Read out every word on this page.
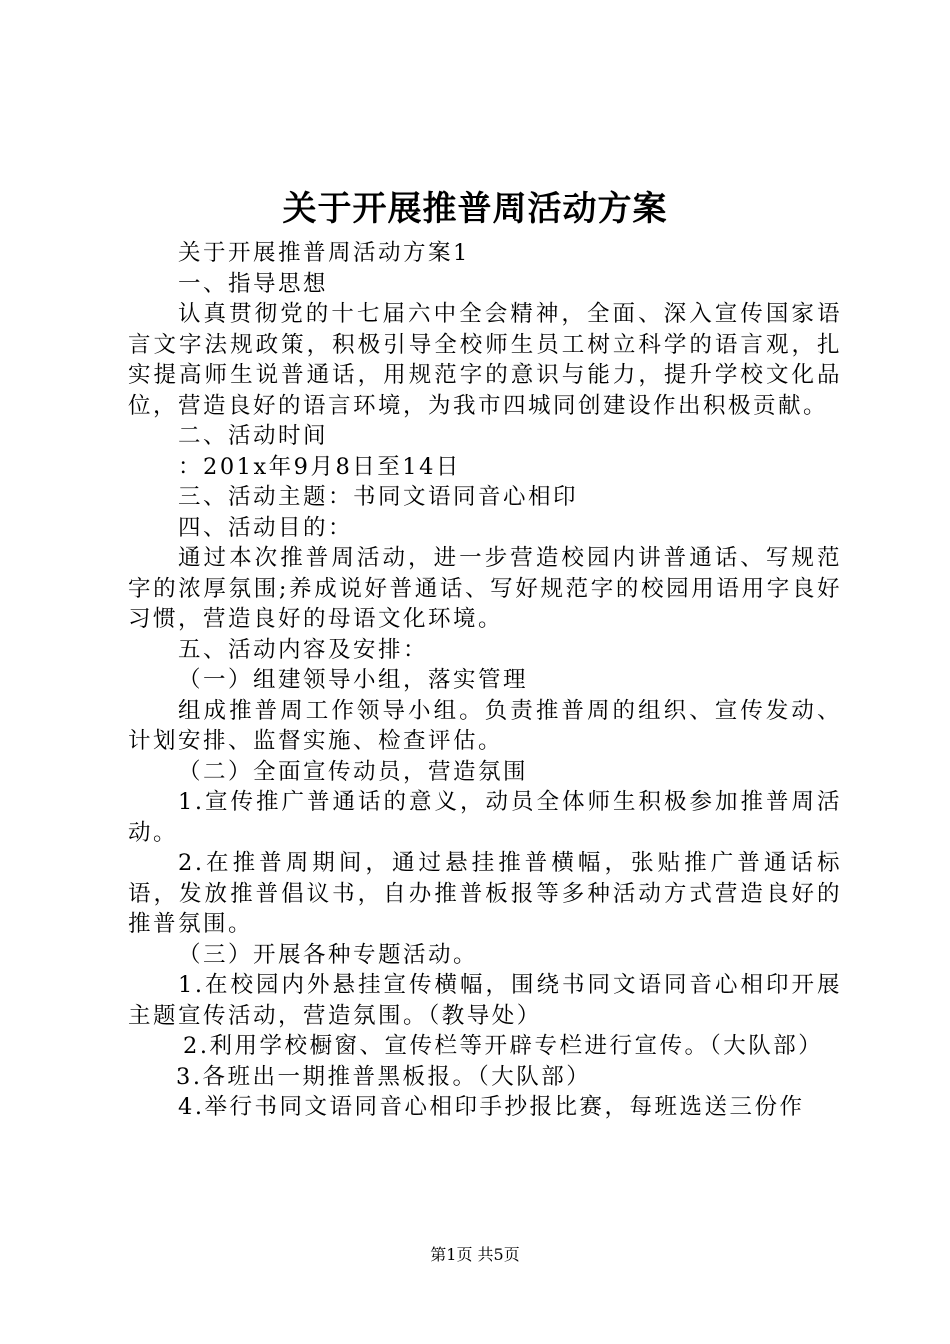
关于开展推普周活动方案

关于开展推普周活动方案1

一、指导思想

认真贯彻党的十七届六中全会精神，全面、深入宣传国家语言文字法规政策，积极引导全校师生员工树立科学的语言观，扎实提高师生说普通话，用规范字的意识与能力，提升学校文化品位，营造良好的语言环境，为我市四城同创建设作出积极贡献。

二、活动时间

：201x年9月8日至14日

三、活动主题：书同文语同音心相印

四、活动目的：

通过本次推普周活动，进一步营造校园内讲普通话、写规范字的浓厚氛围;养成说好普通话、写好规范字的校园用语用字良好习惯，营造良好的母语文化环境。

五、活动内容及安排：

（一）组建领导小组，落实管理

组成推普周工作领导小组。负责推普周的组织、宣传发动、计划安排、监督实施、检查评估。

（二）全面宣传动员，营造氛围

1.宣传推广普通话的意义，动员全体师生积极参加推普周活动。

2.在推普周期间，通过悬挂推普横幅，张贴推广普通话标语，发放推普倡议书，自办推普板报等多种活动方式营造良好的推普氛围。

（三）开展各种专题活动。

1.在校园内外悬挂宣传横幅，围绕书同文语同音心相印开展主题宣传活动，营造氛围。（教导处）

2.利用学校橱窗、宣传栏等开辟专栏进行宣传。（大队部）

3.各班出一期推普黑板报。（大队部）

4.举行书同文语同音心相印手抄报比赛，每班选送三份作

第1页 共5页
